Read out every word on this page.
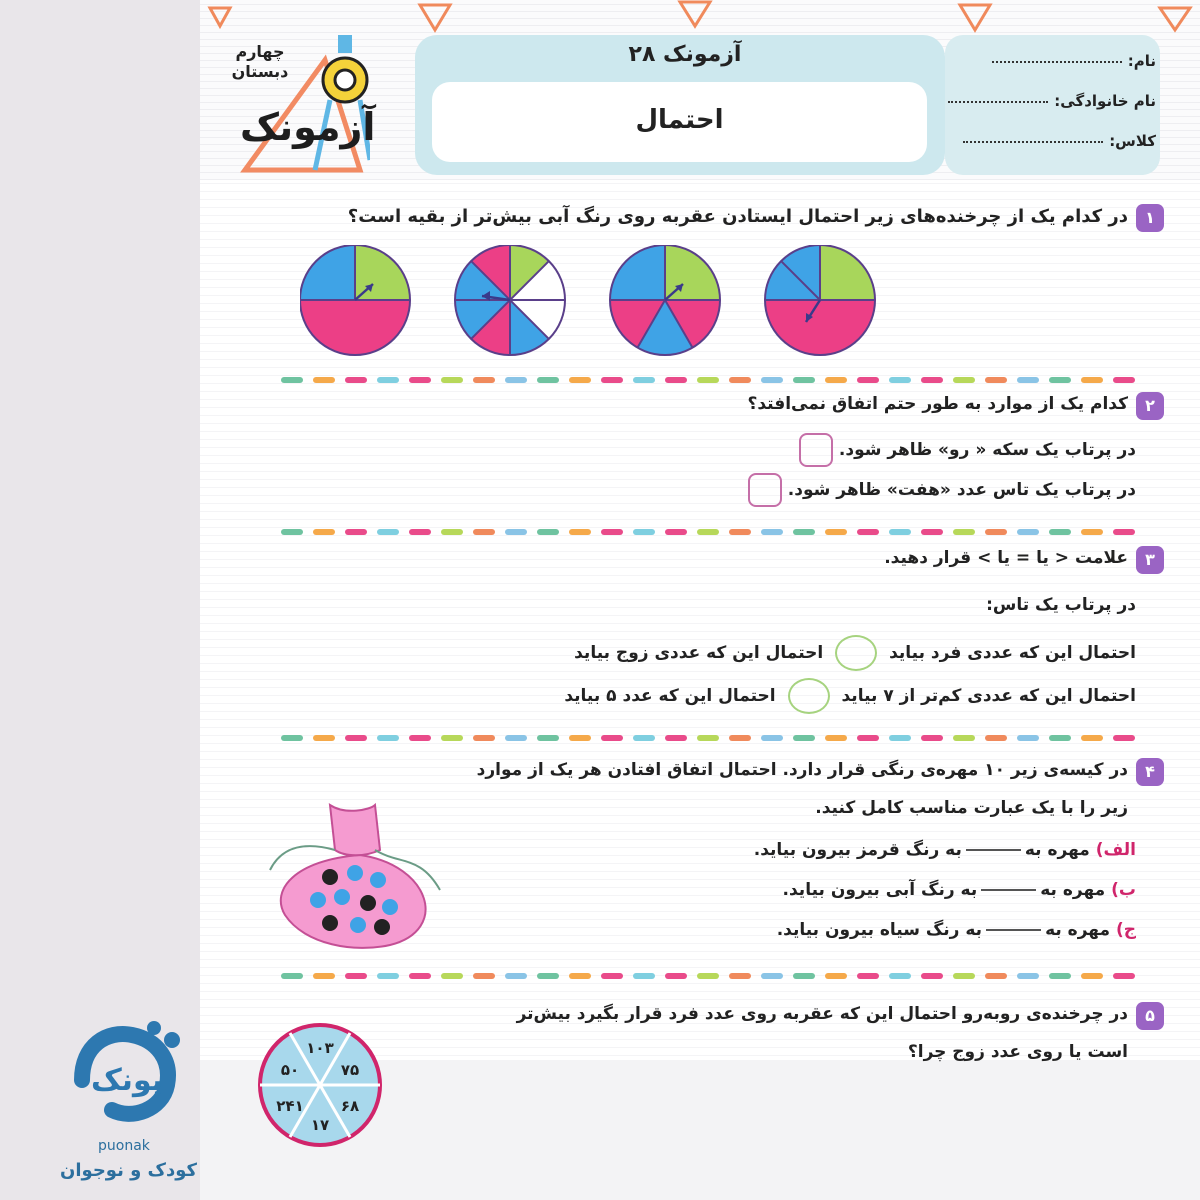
چهارم
دبستان
آزمونک
آزمونک ۲۸
احتمال
نام:
نام خانوادگی:
کلاس:
۱
در کدام یک از چرخنده‌های زیر احتمال ایستادن عقربه روی رنگ آبی بیش‌تر از بقیه است؟
۲
کدام یک از موارد به طور حتم اتفاق نمی‌افتد؟
در پرتاب یک سکه « رو» ظاهر شود.
در پرتاب یک تاس عدد «هفت» ظاهر شود.
۳
علامت < یا = یا > قرار دهید.
در پرتاب یک تاس:
احتمال این که عددی فرد بیاید  احتمال این که عددی زوج بیاید
احتمال این که عددی کم‌تر از ۷ بیاید  احتمال این که عدد ۵ بیاید
۴
در کیسه‌ی زیر ۱۰ مهره‌ی رنگی قرار دارد. احتمال اتفاق افتادن هر یک از موارد
زیر را با یک عبارت مناسب کامل کنید.
الف) مهره بهبه رنگ قرمز بیرون بیاید.
ب) مهره بهبه رنگ آبی بیرون بیاید.
ج) مهره بهبه رنگ سیاه بیرون بیاید.
۵
در چرخنده‌ی روبه‌رو احتمال این که عقربه روی عدد فرد قرار بگیرد بیش‌تر
است یا روی عدد زوج چرا؟
۱۰۳
۷۵
۶۸
۱۷
۲۴۱
۵۰
پونک
puonak
کودک و نوجوان
